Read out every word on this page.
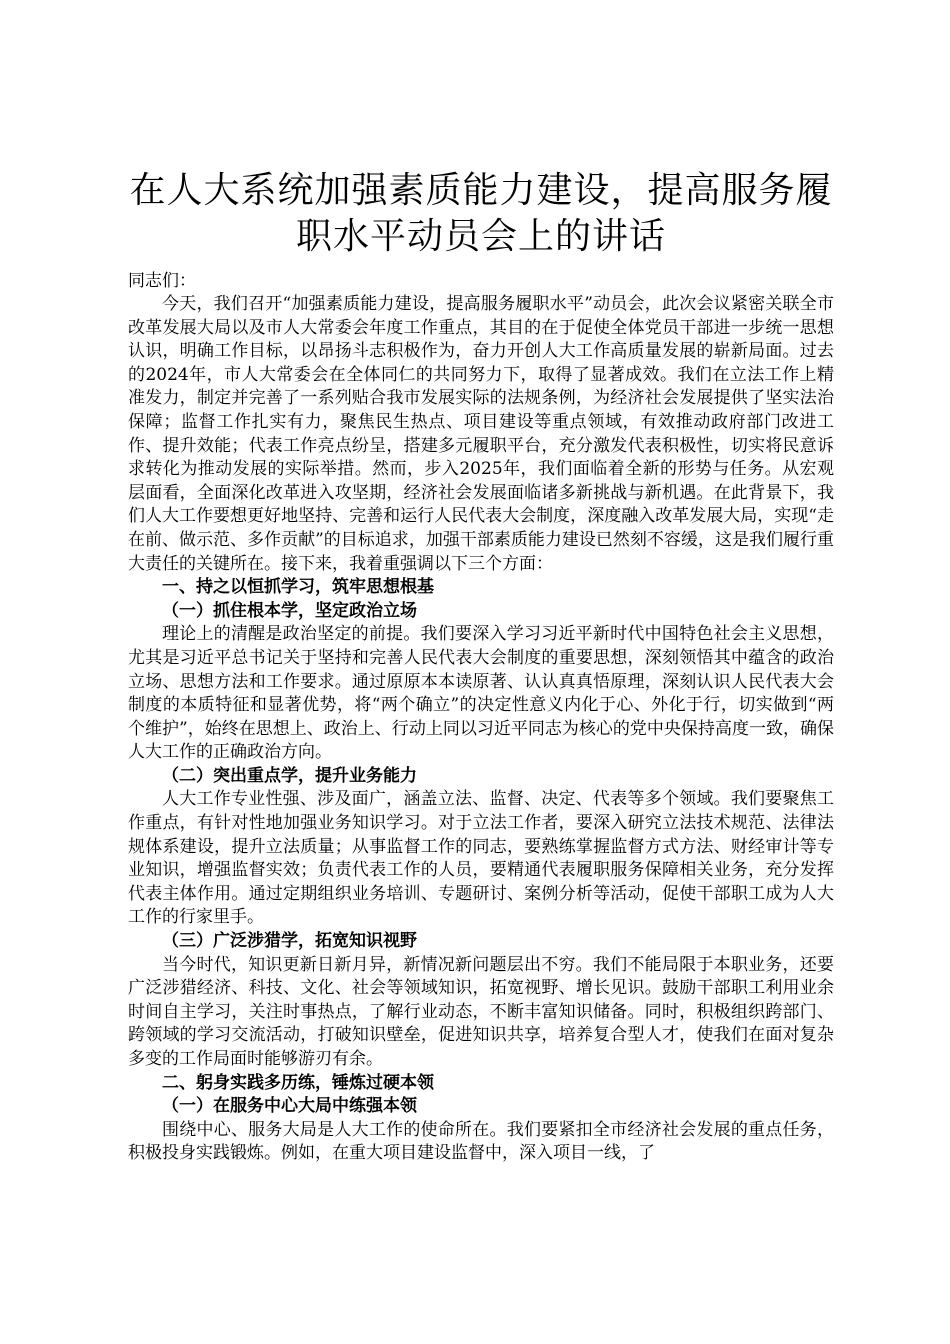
在人大系统加强素质能力建设，提高服务履职水平动员会上的讲话

同志们：

今天，我们召开“加强素质能力建设，提高服务履职水平”动员会，此次会议紧密关联全市改革发展大局以及市人大常委会年度工作重点，其目的在于促使全体党员干部进一步统一思想认识，明确工作目标，以昂扬斗志积极作为，奋力开创人大工作高质量发展的崭新局面。过去的2024年，市人大常委会在全体同仁的共同努力下，取得了显著成效。我们在立法工作上精准发力，制定并完善了一系列贴合我市发展实际的法规条例，为经济社会发展提供了坚实法治保障；监督工作扎实有力，聚焦民生热点、项目建设等重点领域，有效推动政府部门改进工作、提升效能；代表工作亮点纷呈，搭建多元履职平台，充分激发代表积极性，切实将民意诉求转化为推动发展的实际举措。然而，步入2025年，我们面临着全新的形势与任务。从宏观层面看，全面深化改革进入攻坚期，经济社会发展面临诸多新挑战与新机遇。在此背景下，我们人大工作要想更好地坚持、完善和运行人民代表大会制度，深度融入改革发展大局，实现“走在前、做示范、多作贡献”的目标追求，加强干部素质能力建设已然刻不容缓，这是我们履行重大责任的关键所在。接下来，我着重强调以下三个方面：

一、持之以恒抓学习，筑牢思想根基

（一）抓住根本学，坚定政治立场

理论上的清醒是政治坚定的前提。我们要深入学习习近平新时代中国特色社会主义思想，尤其是习近平总书记关于坚持和完善人民代表大会制度的重要思想，深刻领悟其中蕴含的政治立场、思想方法和工作要求。通过原原本本读原著、认认真真悟原理，深刻认识人民代表大会制度的本质特征和显著优势，将“两个确立”的决定性意义内化于心、外化于行，切实做到“两个维护”，始终在思想上、政治上、行动上同以习近平同志为核心的党中央保持高度一致，确保人大工作的正确政治方向。

（二）突出重点学，提升业务能力

人大工作专业性强、涉及面广，涵盖立法、监督、决定、代表等多个领域。我们要聚焦工作重点，有针对性地加强业务知识学习。对于立法工作者，要深入研究立法技术规范、法律法规体系建设，提升立法质量；从事监督工作的同志，要熟练掌握监督方式方法、财经审计等专业知识，增强监督实效；负责代表工作的人员，要精通代表履职服务保障相关业务，充分发挥代表主体作用。通过定期组织业务培训、专题研讨、案例分析等活动，促使干部职工成为人大工作的行家里手。

（三）广泛涉猎学，拓宽知识视野

当今时代，知识更新日新月异，新情况新问题层出不穷。我们不能局限于本职业务，还要广泛涉猎经济、科技、文化、社会等领域知识，拓宽视野、增长见识。鼓励干部职工利用业余时间自主学习，关注时事热点，了解行业动态，不断丰富知识储备。同时，积极组织跨部门、跨领域的学习交流活动，打破知识壁垒，促进知识共享，培养复合型人才，使我们在面对复杂多变的工作局面时能够游刃有余。

二、躬身实践多历练，锤炼过硬本领

（一）在服务中心大局中练强本领

围绕中心、服务大局是人大工作的使命所在。我们要紧扣全市经济社会发展的重点任务，积极投身实践锻炼。例如，在重大项目建设监督中，深入项目一线，了
